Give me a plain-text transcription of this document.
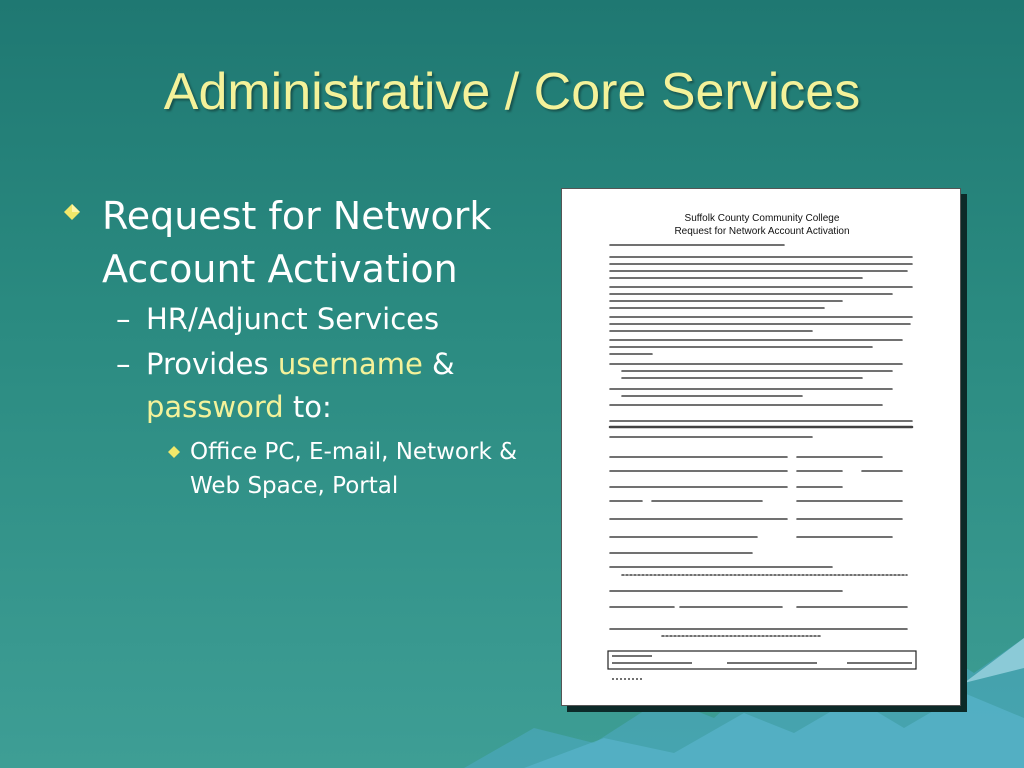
Administrative / Core Services
Request for Network Account Activation
– HR/Adjunct Services
– Provides username & password to:
Office PC, E-mail, Network & Web Space, Portal
Suffolk County Community College
Request for Network Account Activation
